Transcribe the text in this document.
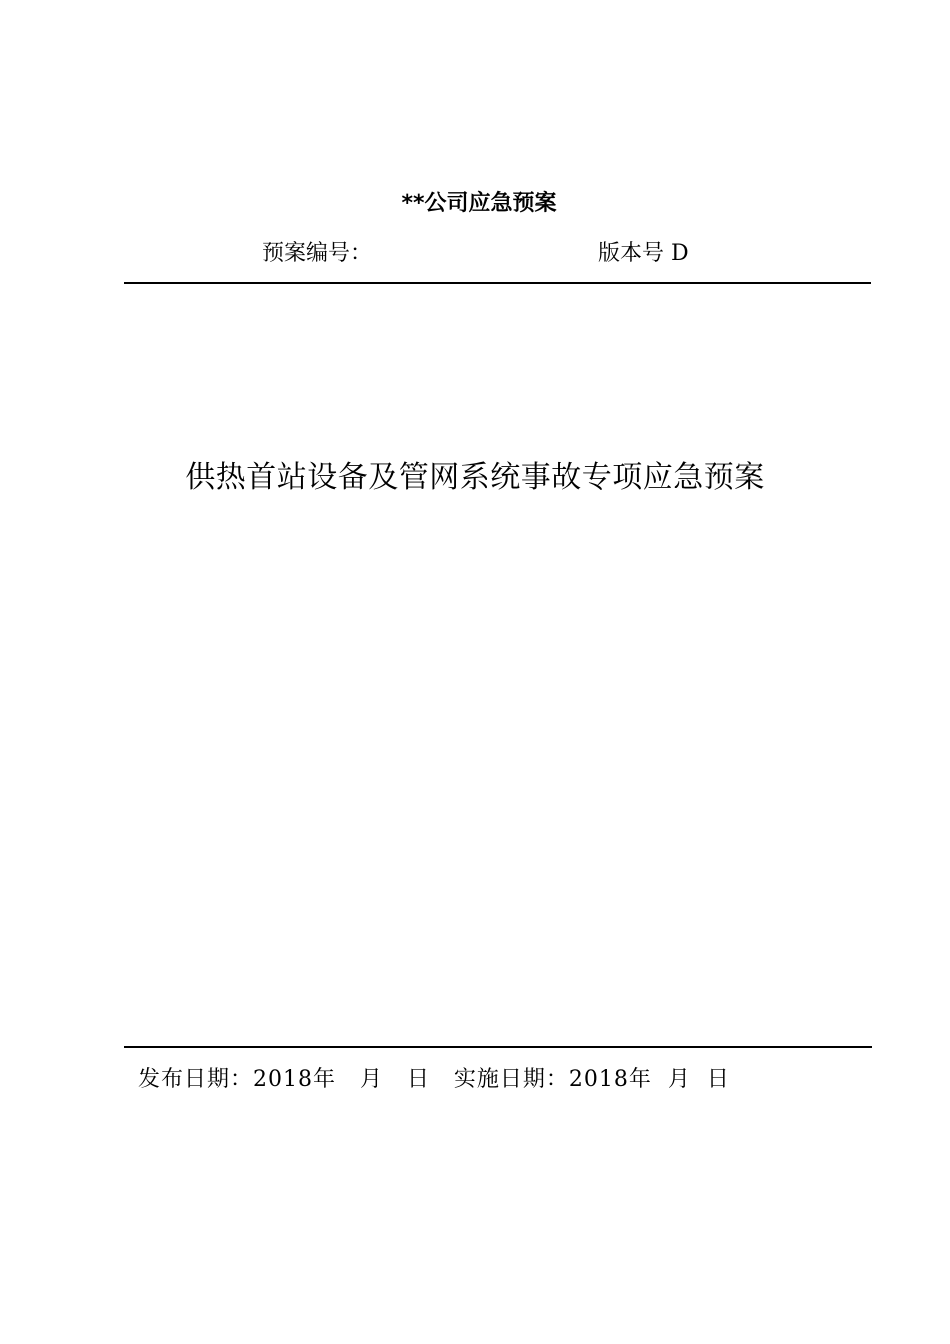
**公司应急预案
预案编号：	版本号 D
供热首站设备及管网系统事故专项应急预案
发布日期：2018年   月   日   实施日期：2018年  月  日
